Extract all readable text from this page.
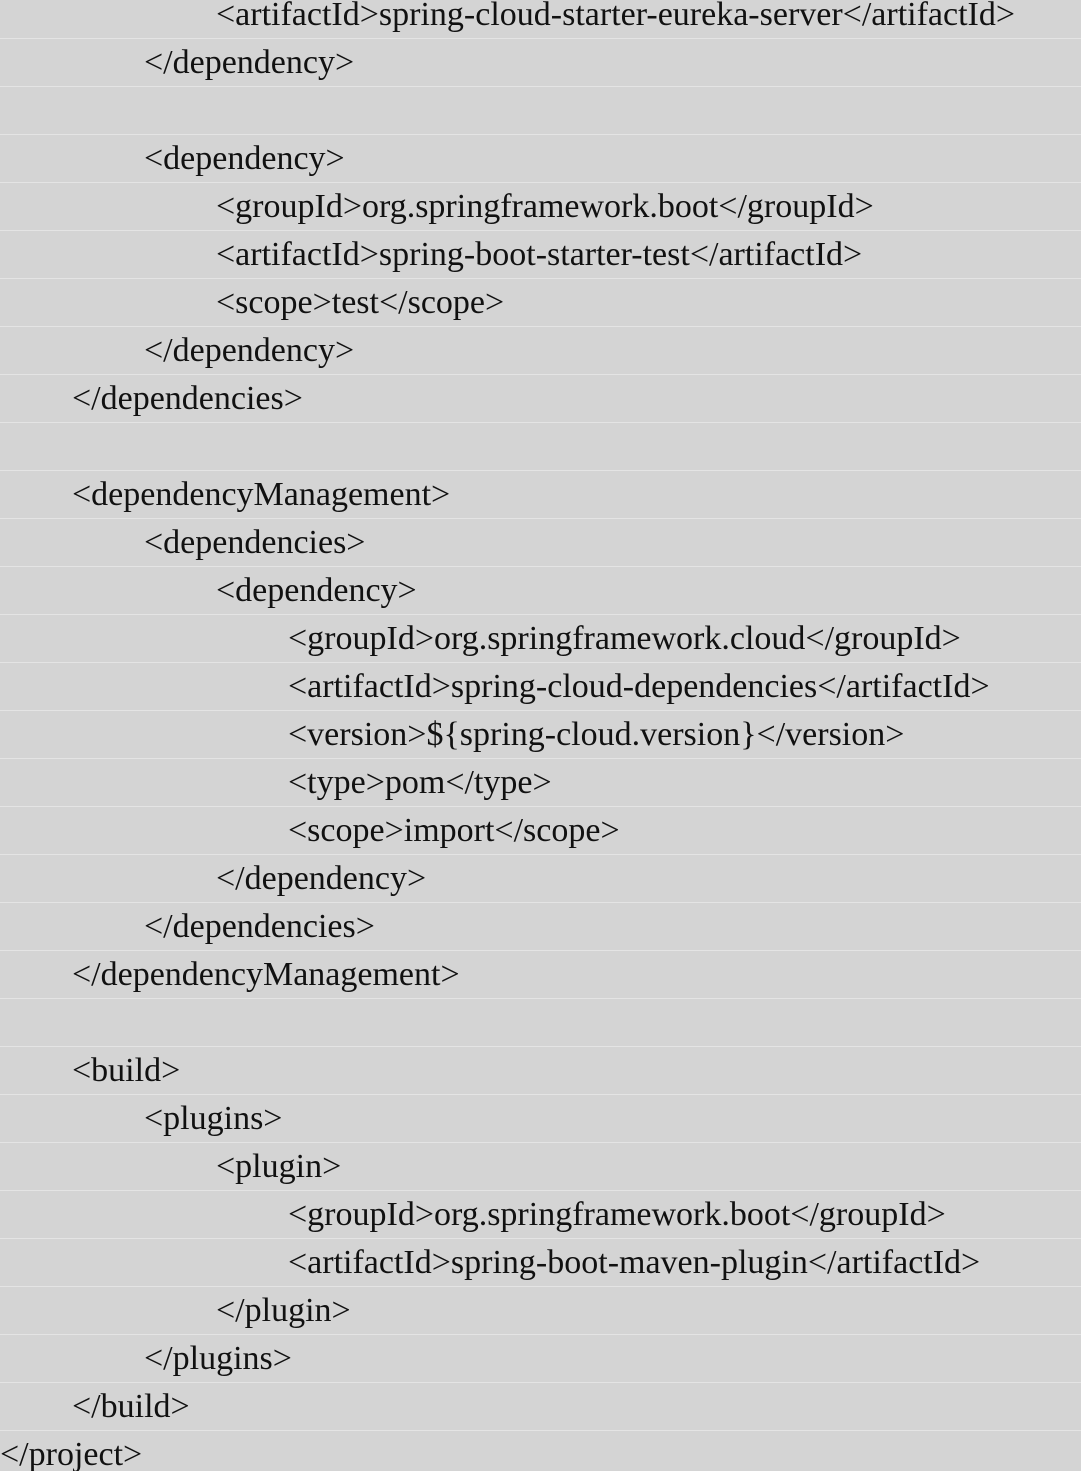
<artifactId>spring-cloud-starter-eureka-server</artifactId>
</dependency>
<dependency>
<groupId>org.springframework.boot</groupId>
<artifactId>spring-boot-starter-test</artifactId>
<scope>test</scope>
</dependency>
</dependencies>
<dependencyManagement>
<dependencies>
<dependency>
<groupId>org.springframework.cloud</groupId>
<artifactId>spring-cloud-dependencies</artifactId>
<version>${spring-cloud.version}</version>
<type>pom</type>
<scope>import</scope>
</dependency>
</dependencies>
</dependencyManagement>
<build>
<plugins>
<plugin>
<groupId>org.springframework.boot</groupId>
<artifactId>spring-boot-maven-plugin</artifactId>
</plugin>
</plugins>
</build>
</project>
